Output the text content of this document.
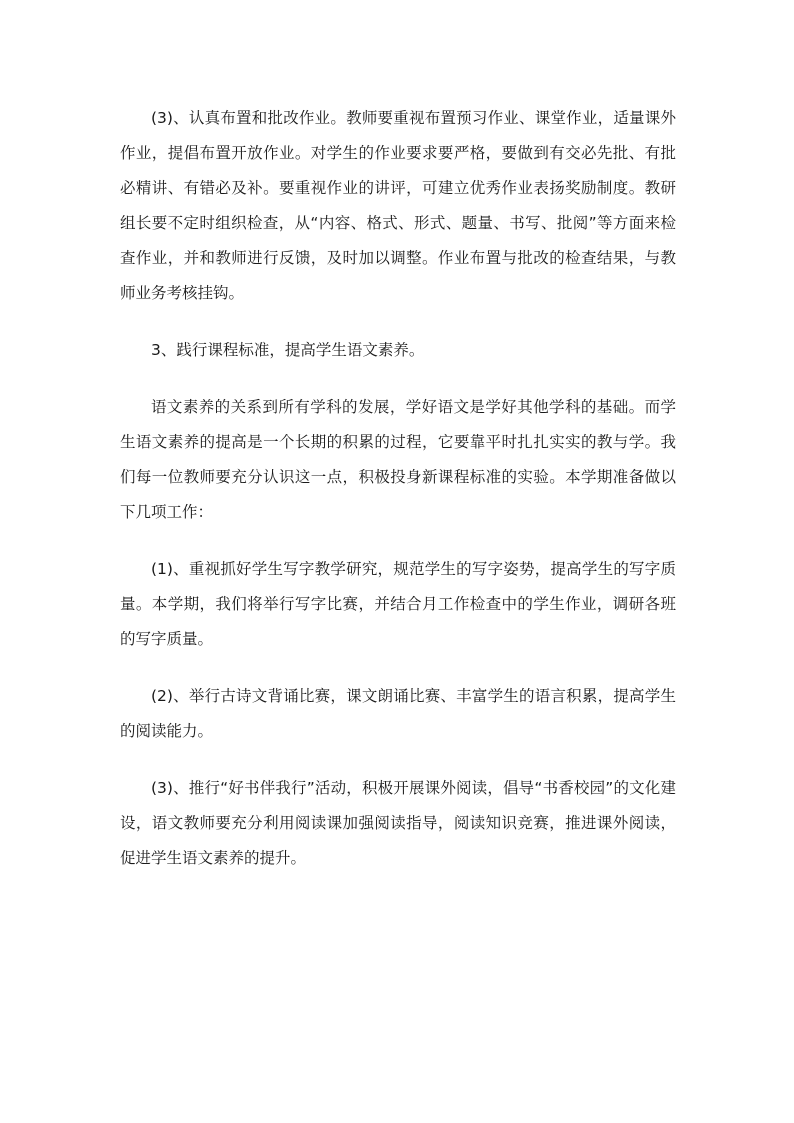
(3)、认真布置和批改作业。教师要重视布置预习作业、课堂作业，适量课外作业，提倡布置开放作业。对学生的作业要求要严格，要做到有交必先批、有批必精讲、有错必及补。要重视作业的讲评，可建立优秀作业表扬奖励制度。教研组长要不定时组织检查，从“内容、格式、形式、题量、书写、批阅”等方面来检查作业，并和教师进行反馈，及时加以调整。作业布置与批改的检查结果，与教师业务考核挂钩。

3、践行课程标准，提高学生语文素养。

语文素养的关系到所有学科的发展，学好语文是学好其他学科的基础。而学生语文素养的提高是一个长期的积累的过程，它要靠平时扎扎实实的教与学。我们每一位教师要充分认识这一点，积极投身新课程标准的实验。本学期准备做以下几项工作：

(1)、重视抓好学生写字教学研究，规范学生的写字姿势，提高学生的写字质量。本学期，我们将举行写字比赛，并结合月工作检查中的学生作业，调研各班的写字质量。

(2)、举行古诗文背诵比赛，课文朗诵比赛、丰富学生的语言积累，提高学生的阅读能力。

(3)、推行“好书伴我行”活动，积极开展课外阅读，倡导“书香校园”的文化建设，语文教师要充分利用阅读课加强阅读指导，阅读知识竞赛，推进课外阅读，促进学生语文素养的提升。
